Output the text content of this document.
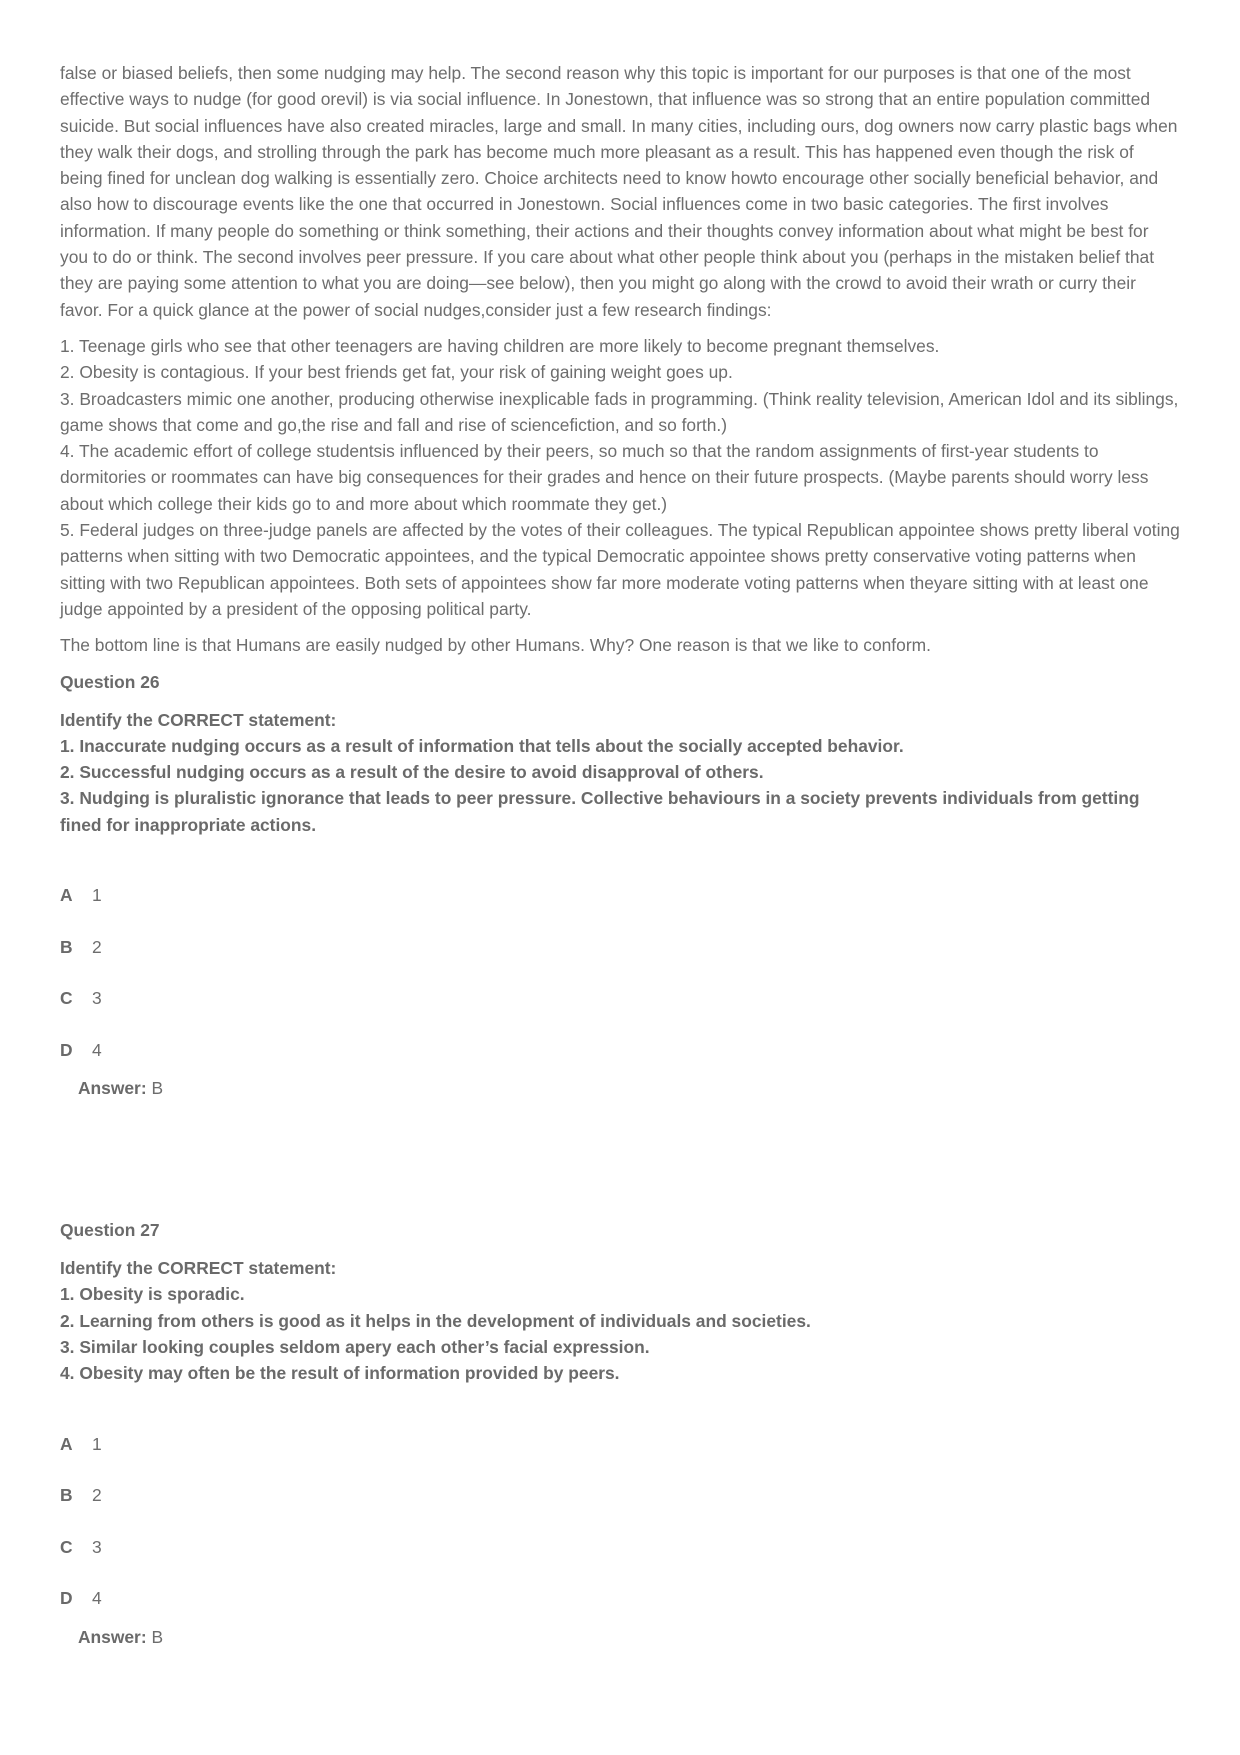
false or biased beliefs, then some nudging may help. The second reason why this topic is important for our purposes is that one of the most effective ways to nudge (for good orevil) is via social influence. In Jonestown, that influence was so strong that an entire population committed suicide. But social influences have also created miracles, large and small. In many cities, including ours, dog owners now carry plastic bags when they walk their dogs, and strolling through the park has become much more pleasant as a result. This has happened even though the risk of being fined for unclean dog walking is essentially zero. Choice architects need to know howto encourage other socially beneficial behavior, and also how to discourage events like the one that occurred in Jonestown. Social influences come in two basic categories. The first involves information. If many people do something or think something, their actions and their thoughts convey information about what might be best for you to do or think. The second involves peer pressure. If you care about what other people think about you (perhaps in the mistaken belief that they are paying some attention to what you are doing—see below), then you might go along with the crowd to avoid their wrath or curry their favor. For a quick glance at the power of social nudges,consider just a few research findings:

1. Teenage girls who see that other teenagers are having children are more likely to become pregnant themselves.

2. Obesity is contagious. If your best friends get fat, your risk of gaining weight goes up.

3. Broadcasters mimic one another, producing otherwise inexplicable fads in programming. (Think reality television, American Idol and its siblings, game shows that come and go,the rise and fall and rise of sciencefiction, and so forth.)

4. The academic effort of college studentsis influenced by their peers, so much so that the random assignments of first-year students to dormitories or roommates can have big consequences for their grades and hence on their future prospects. (Maybe parents should worry less about which college their kids go to and more about which roommate they get.)

5. Federal judges on three-judge panels are affected by the votes of their colleagues. The typical Republican appointee shows pretty liberal voting patterns when sitting with two Democratic appointees, and the typical Democratic appointee shows pretty conservative voting patterns when sitting with two Republican appointees. Both sets of appointees show far more moderate voting patterns when theyare sitting with at least one judge appointed by a president of the opposing political party.

The bottom line is that Humans are easily nudged by other Humans. Why? One reason is that we like to conform.

Question 26
Identify the CORRECT statement:
1. Inaccurate nudging occurs as a result of information that tells about the socially accepted behavior.
2. Successful nudging occurs as a result of the desire to avoid disapproval of others.
3. Nudging is pluralistic ignorance that leads to peer pressure. Collective behaviours in a society prevents individuals from getting fined for inappropriate actions.
A	1
B	2
C	3
D	4
Answer: B
Question 27
Identify the CORRECT statement:
1. Obesity is sporadic.
2. Learning from others is good as it helps in the development of individuals and societies.
3. Similar looking couples seldom apery each other’s facial expression.
4. Obesity may often be the result of information provided by peers.
A	1
B	2
C	3
D	4
Answer: B
